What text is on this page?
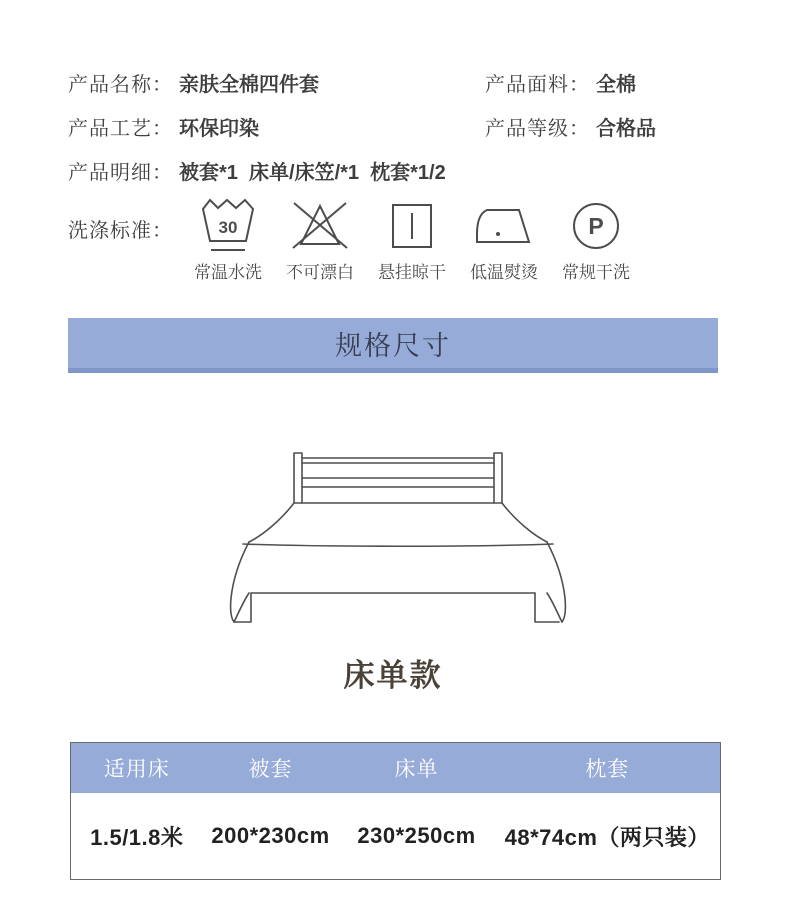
产品名称： 亲肤全棉四件套	产品面料： 全棉
产品工艺： 环保印染	产品等级： 合格品
产品明细： 被套*1  床单/床笠/*1  枕套*1/2
洗涤标准：	30
常温水洗 不可漂白 悬挂晾干 低温熨烫
P
常规干洗
规格尺寸
床单款
适用床	被套	床单	枕套
1.5/1.8米	200*230cm	230*250cm	48*74cm（两只装）
